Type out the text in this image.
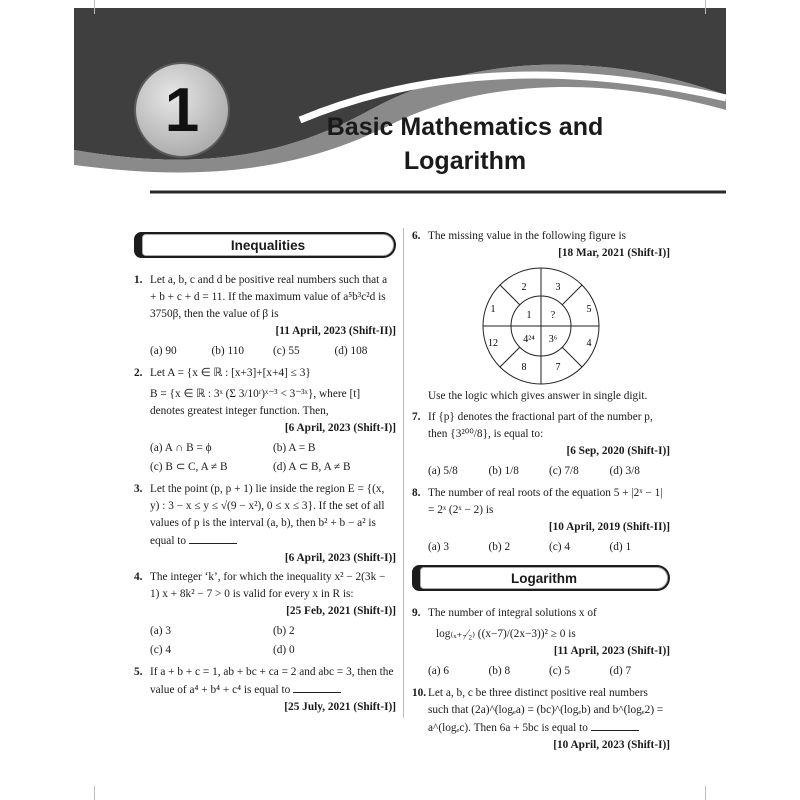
1	Basic Mathematics and
Logarithm
Inequalities
1. Let a, b, c and d be positive real numbers such that a + b + c + d = 11. If the maximum value of a⁵b³c²d is 3750β, then the value of β is
[11 April, 2023 (Shift-II)]
(a) 90	(b) 110	(c) 55	(d) 108
2. Let A = {x ∈ ℝ : [x+3]+[x+4] ≤ 3}
B = {x ∈ ℝ : 3ˣ (Σ 3/10ʳ)ˣ⁻³ < 3⁻³ˣ}, where [t] denotes greatest integer function. Then,
[6 April, 2023 (Shift-I)]
(a) A ∩ B = ϕ	(b) A = B
(c) B ⊂ C, A ≠ B	(d) A ⊂ B, A ≠ B
3. Let the point (p, p + 1) lie inside the region E = {(x, y) : 3 − x ≤ y ≤ √(9 − x²), 0 ≤ x ≤ 3}. If the set of all values of p is the interval (a, b), then b² + b − a² is equal to
[6 April, 2023 (Shift-I)]
4. The integer ‘k’, for which the inequality x² − 2(3k − 1) x + 8k² − 7 > 0 is valid for every x in R is:
[25 Feb, 2021 (Shift-I)]
(a) 3	(b) 2
(c) 4	(d) 0
5. If a + b + c = 1, ab + bc + ca = 2 and abc = 3, then the value of a⁴ + b⁴ + c⁴ is equal to
[25 July, 2021 (Shift-I)]
6. The missing value in the following figure is
[18 Mar, 2021 (Shift-I)]
2	3
5
4
7
8
12
1
1 ?
3⁶
4²⁴
Use the logic which gives answer in single digit.
7. If {p} denotes the fractional part of the number p, then {3²⁰⁰/8}, is equal to:
[6 Sep, 2020 (Shift-I)]
(a) 5/8	(b) 1/8	(c) 7/8	(d) 3/8
8. The number of real roots of the equation 5 + |2ˣ − 1| = 2ˣ (2ˣ − 2) is
[10 April, 2019 (Shift-II)]
(a) 3	(b) 2	(c) 4	(d) 1
Logarithm
9. The number of integral solutions x of
log₍ₓ₊₇⁄₂₎ ((x−7)/(2x−3))² ≥ 0 is
[11 April, 2023 (Shift-I)]
(a) 6	(b) 8	(c) 5	(d) 7
10. Let a, b, c be three distinct positive real numbers such that (2a)^(logₑa) = (bc)^(logₑb) and b^(logₑ2) = a^(logₑc). Then 6a + 5bc is equal to
[10 April, 2023 (Shift-I)]
